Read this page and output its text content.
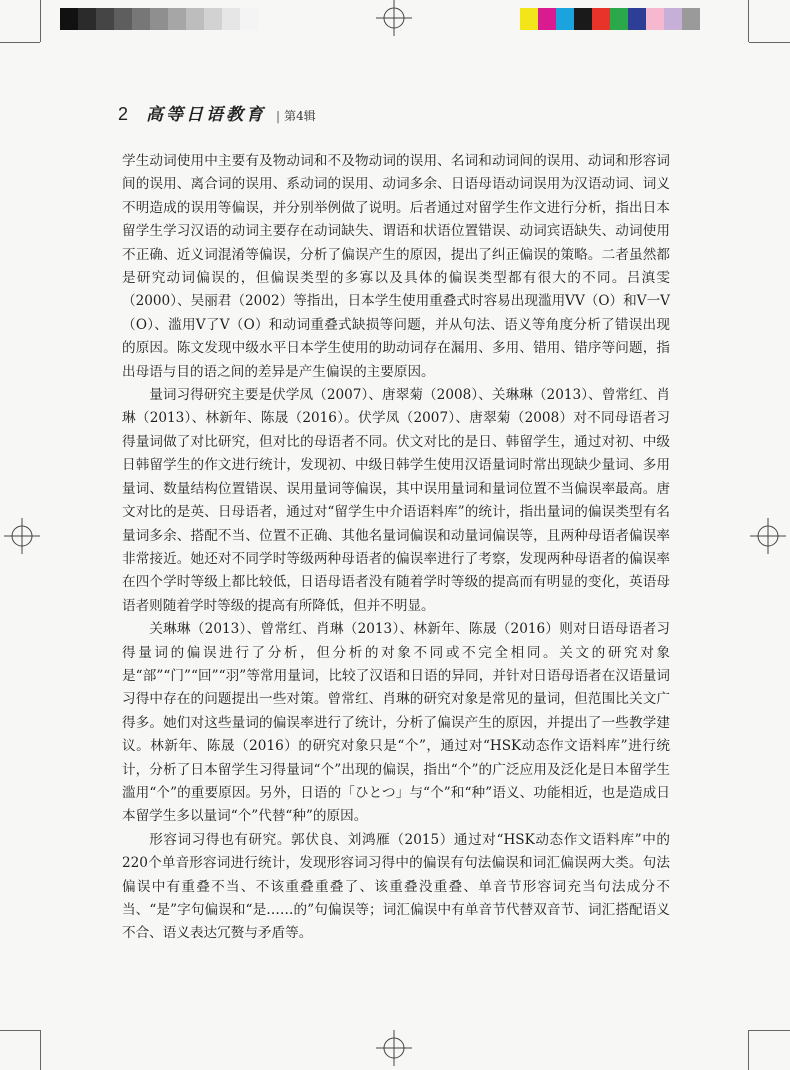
2 高等日语教育 | 第4辑

学生动词使用中主要有及物动词和不及物动词的误用、名词和动词间的误用、动词和形容词间的误用、离合词的误用、系动词的误用、动词多余、日语母语动词误用为汉语动词、词义不明造成的误用等偏误，并分别举例做了说明。后者通过对留学生作文进行分析，指出日本留学生学习汉语的动词主要存在动词缺失、谓语和状语位置错误、动词宾语缺失、动词使用不正确、近义词混淆等偏误，分析了偏误产生的原因，提出了纠正偏误的策略。二者虽然都是研究动词偏误的，但偏误类型的多寡以及具体的偏误类型都有很大的不同。吕滇雯（2000）、吴丽君（2002）等指出，日本学生使用重叠式时容易出现滥用VV（O）和V一V（O）、滥用V了V（O）和动词重叠式缺损等问题，并从句法、语义等角度分析了错误出现的原因。陈文发现中级水平日本学生使用的助动词存在漏用、多用、错用、错序等问题，指出母语与目的语之间的差异是产生偏误的主要原因。

量词习得研究主要是伏学凤（2007）、唐翠菊（2008）、关琳琳（2013）、曾常红、肖琳（2013）、林新年、陈晟（2016）。伏学凤（2007）、唐翠菊（2008）对不同母语者习得量词做了对比研究，但对比的母语者不同。伏文对比的是日、韩留学生，通过对初、中级日韩留学生的作文进行统计，发现初、中级日韩学生使用汉语量词时常出现缺少量词、多用量词、数量结构位置错误、误用量词等偏误，其中误用量词和量词位置不当偏误率最高。唐文对比的是英、日母语者，通过对“留学生中介语语料库”的统计，指出量词的偏误类型有名量词多余、搭配不当、位置不正确、其他名量词偏误和动量词偏误等，且两种母语者偏误率非常接近。她还对不同学时等级两种母语者的偏误率进行了考察，发现两种母语者的偏误率在四个学时等级上都比较低，日语母语者没有随着学时等级的提高而有明显的变化，英语母语者则随着学时等级的提高有所降低，但并不明显。

关琳琳（2013）、曾常红、肖琳（2013）、林新年、陈晟（2016）则对日语母语者习得量词的偏误进行了分析，但分析的对象不同或不完全相同。关文的研究对象是“部”“门”“回”“羽”等常用量词，比较了汉语和日语的异同，并针对日语母语者在汉语量词习得中存在的问题提出一些对策。曾常红、肖琳的研究对象是常见的量词，但范围比关文广得多。她们对这些量词的偏误率进行了统计，分析了偏误产生的原因，并提出了一些教学建议。林新年、陈晟（2016）的研究对象只是“个”，通过对“HSK动态作文语料库”进行统计，分析了日本留学生习得量词“个”出现的偏误，指出“个”的广泛应用及泛化是日本留学生滥用“个”的重要原因。另外，日语的「ひとつ」与“个”和“种”语义、功能相近，也是造成日本留学生多以量词“个”代替“种”的原因。

形容词习得也有研究。郭伏良、刘鸿雁（2015）通过对“HSK动态作文语料库”中的220个单音形容词进行统计，发现形容词习得中的偏误有句法偏误和词汇偏误两大类。句法偏误中有重叠不当、不该重叠重叠了、该重叠没重叠、单音节形容词充当句法成分不当、“是”字句偏误和“是……的”句偏误等；词汇偏误中有单音节代替双音节、词汇搭配语义不合、语义表达冗赘与矛盾等。
